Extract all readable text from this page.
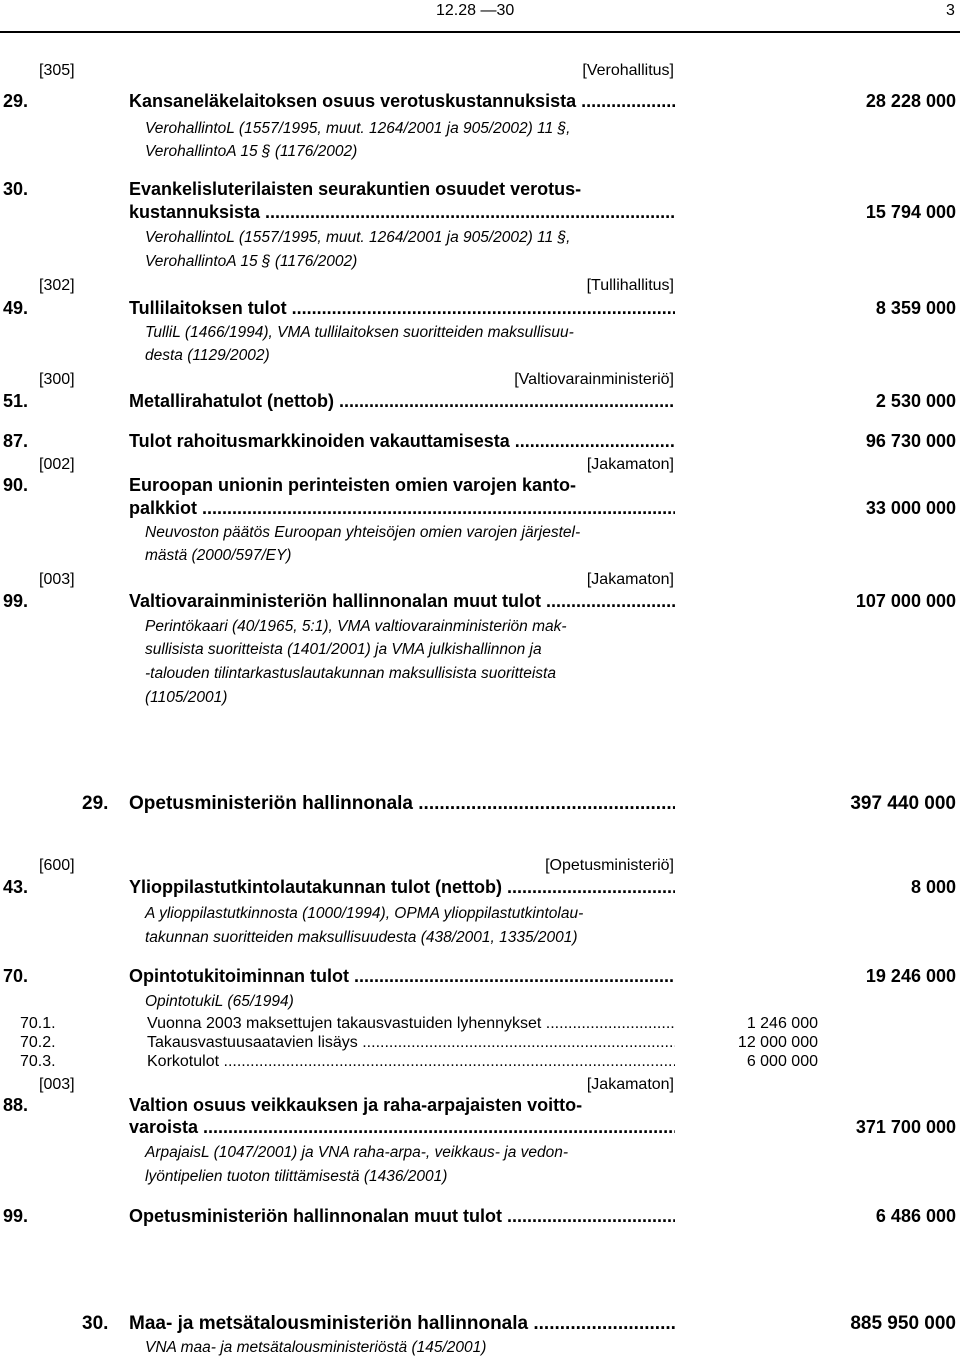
12.28 —30	3
[305]	[Verohallitus]
29.	Kansaneläkelaitoksen osuus verotuskustannuksista .....	28 228 000
VerohallintoL (1557/1995, muut. 1264/2001 ja 905/2002) 11 §,
VerohallintoA 15 § (1176/2002)
30.	Evankelisluterilaisten seurakuntien osuudet verotus-
kustannuksista .....	15 794 000
VerohallintoL (1557/1995, muut. 1264/2001 ja 905/2002) 11 §,
VerohallintoA 15 § (1176/2002)
[302]	[Tullihallitus]
49.	Tullilaitoksen tulot .....	8 359 000
TulliL (1466/1994), VMA tullilaitoksen suoritteiden maksullisuu-
desta (1129/2002)
[300]	[Valtiovarainministeriö]
51.	Metallirahatulot (nettob) .....	2 530 000
87.	Tulot rahoitusmarkkinoiden vakauttamisesta .....	96 730 000
[002]	[Jakamaton]
90.	Euroopan unionin perinteisten omien varojen kanto-
palkkiot .....	33 000 000
Neuvoston päätös Euroopan yhteisöjen omien varojen järjestel-
mästä (2000/597/EY)
[003]	[Jakamaton]
99.	Valtiovarainministeriön hallinnonalan muut tulot .....	107 000 000
Perintökaari (40/1965, 5:1), VMA valtiovarainministeriön mak-
sullisista suoritteista (1401/2001) ja VMA julkishallinnon ja
-talouden tilintarkastuslautakunnan maksullisista suoritteista
(1105/2001)
29. Opetusministeriön hallinnonala .....	397 440 000
[600]	[Opetusministeriö]
43.	Ylioppilastutkintolautakunnan tulot (nettob) .....	8 000
A ylioppilastutkinnosta (1000/1994), OPMA ylioppilastutkintolau-
takunnan suoritteiden maksullisuudesta (438/2001, 1335/2001)
70.	Opintotukitoiminnan tulot .....	19 246 000
OpintotukiL (65/1994)
70.1.	Vuonna 2003 maksettujen takausvastuiden lyhennykset .....	1 246 000
70.2.	Takausvastuusaatavien lisäys .....	12 000 000
70.3.	Korkotulot .....	6 000 000
[003]	[Jakamaton]
88.	Valtion osuus veikkauksen ja raha-arpajaisten voitto-
varoista .....	371 700 000
ArpajaisL (1047/2001) ja VNA raha-arpa-, veikkaus- ja vedon-
lyöntipelien tuoton tilittämisestä (1436/2001)
99.	Opetusministeriön hallinnonalan muut tulot .....	6 486 000
30. Maa- ja metsätalousministeriön hallinnonala .....	885 950 000
VNA maa- ja metsätalousministeriöstä (145/2001)
